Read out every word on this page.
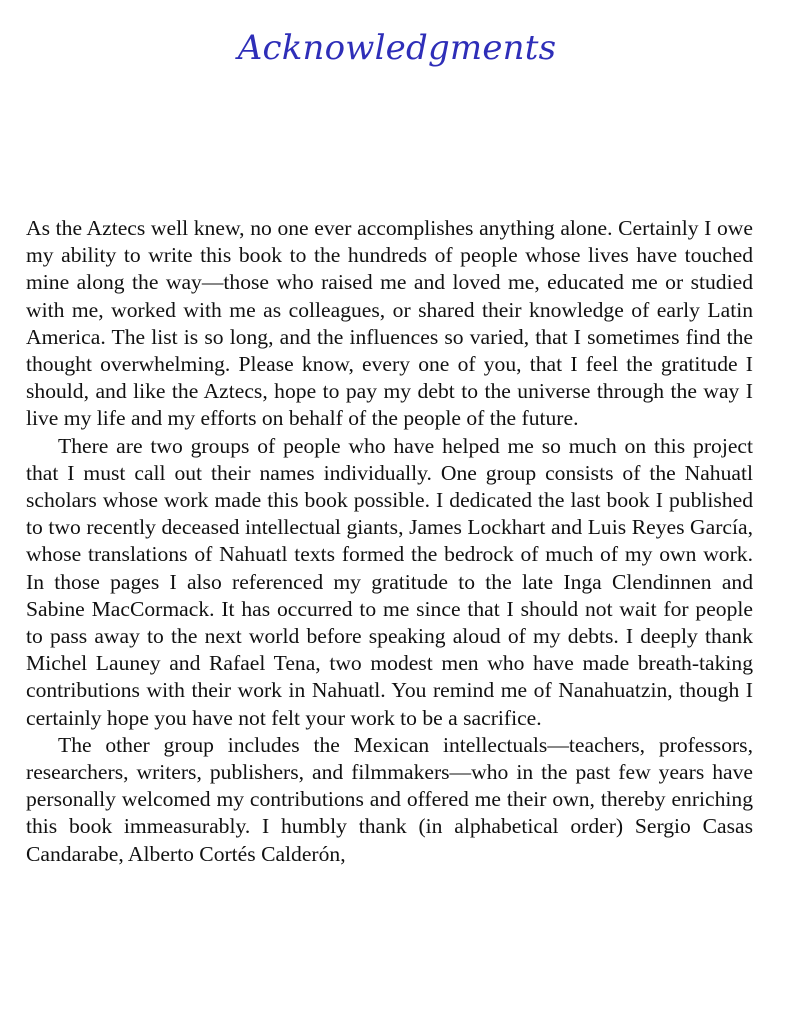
Acknowledgments

As the Aztecs well knew, no one ever accomplishes anything alone. Certainly I owe my ability to write this book to the hundreds of people whose lives have touched mine along the way—those who raised me and loved me, educated me or studied with me, worked with me as colleagues, or shared their knowledge of early Latin America. The list is so long, and the influences so varied, that I sometimes find the thought overwhelming. Please know, every one of you, that I feel the gratitude I should, and like the Aztecs, hope to pay my debt to the universe through the way I live my life and my efforts on behalf of the people of the future.

There are two groups of people who have helped me so much on this project that I must call out their names individually. One group consists of the Nahuatl scholars whose work made this book possible. I dedicated the last book I published to two recently deceased intellectual giants, James Lockhart and Luis Reyes García, whose translations of Nahuatl texts formed the bedrock of much of my own work. In those pages I also referenced my gratitude to the late Inga Clendinnen and Sabine MacCormack. It has occurred to me since that I should not wait for people to pass away to the next world before speaking aloud of my debts. I deeply thank Michel Launey and Rafael Tena, two modest men who have made breath-taking contributions with their work in Nahuatl. You remind me of Nanahuatzin, though I certainly hope you have not felt your work to be a sacrifice.

The other group includes the Mexican intellectuals—teachers, professors, researchers, writers, publishers, and filmmakers—who in the past few years have personally welcomed my contributions and offered me their own, thereby enriching this book immeasurably. I humbly thank (in alphabetical order) Sergio Casas Candarabe, Alberto Cortés Calderón,
